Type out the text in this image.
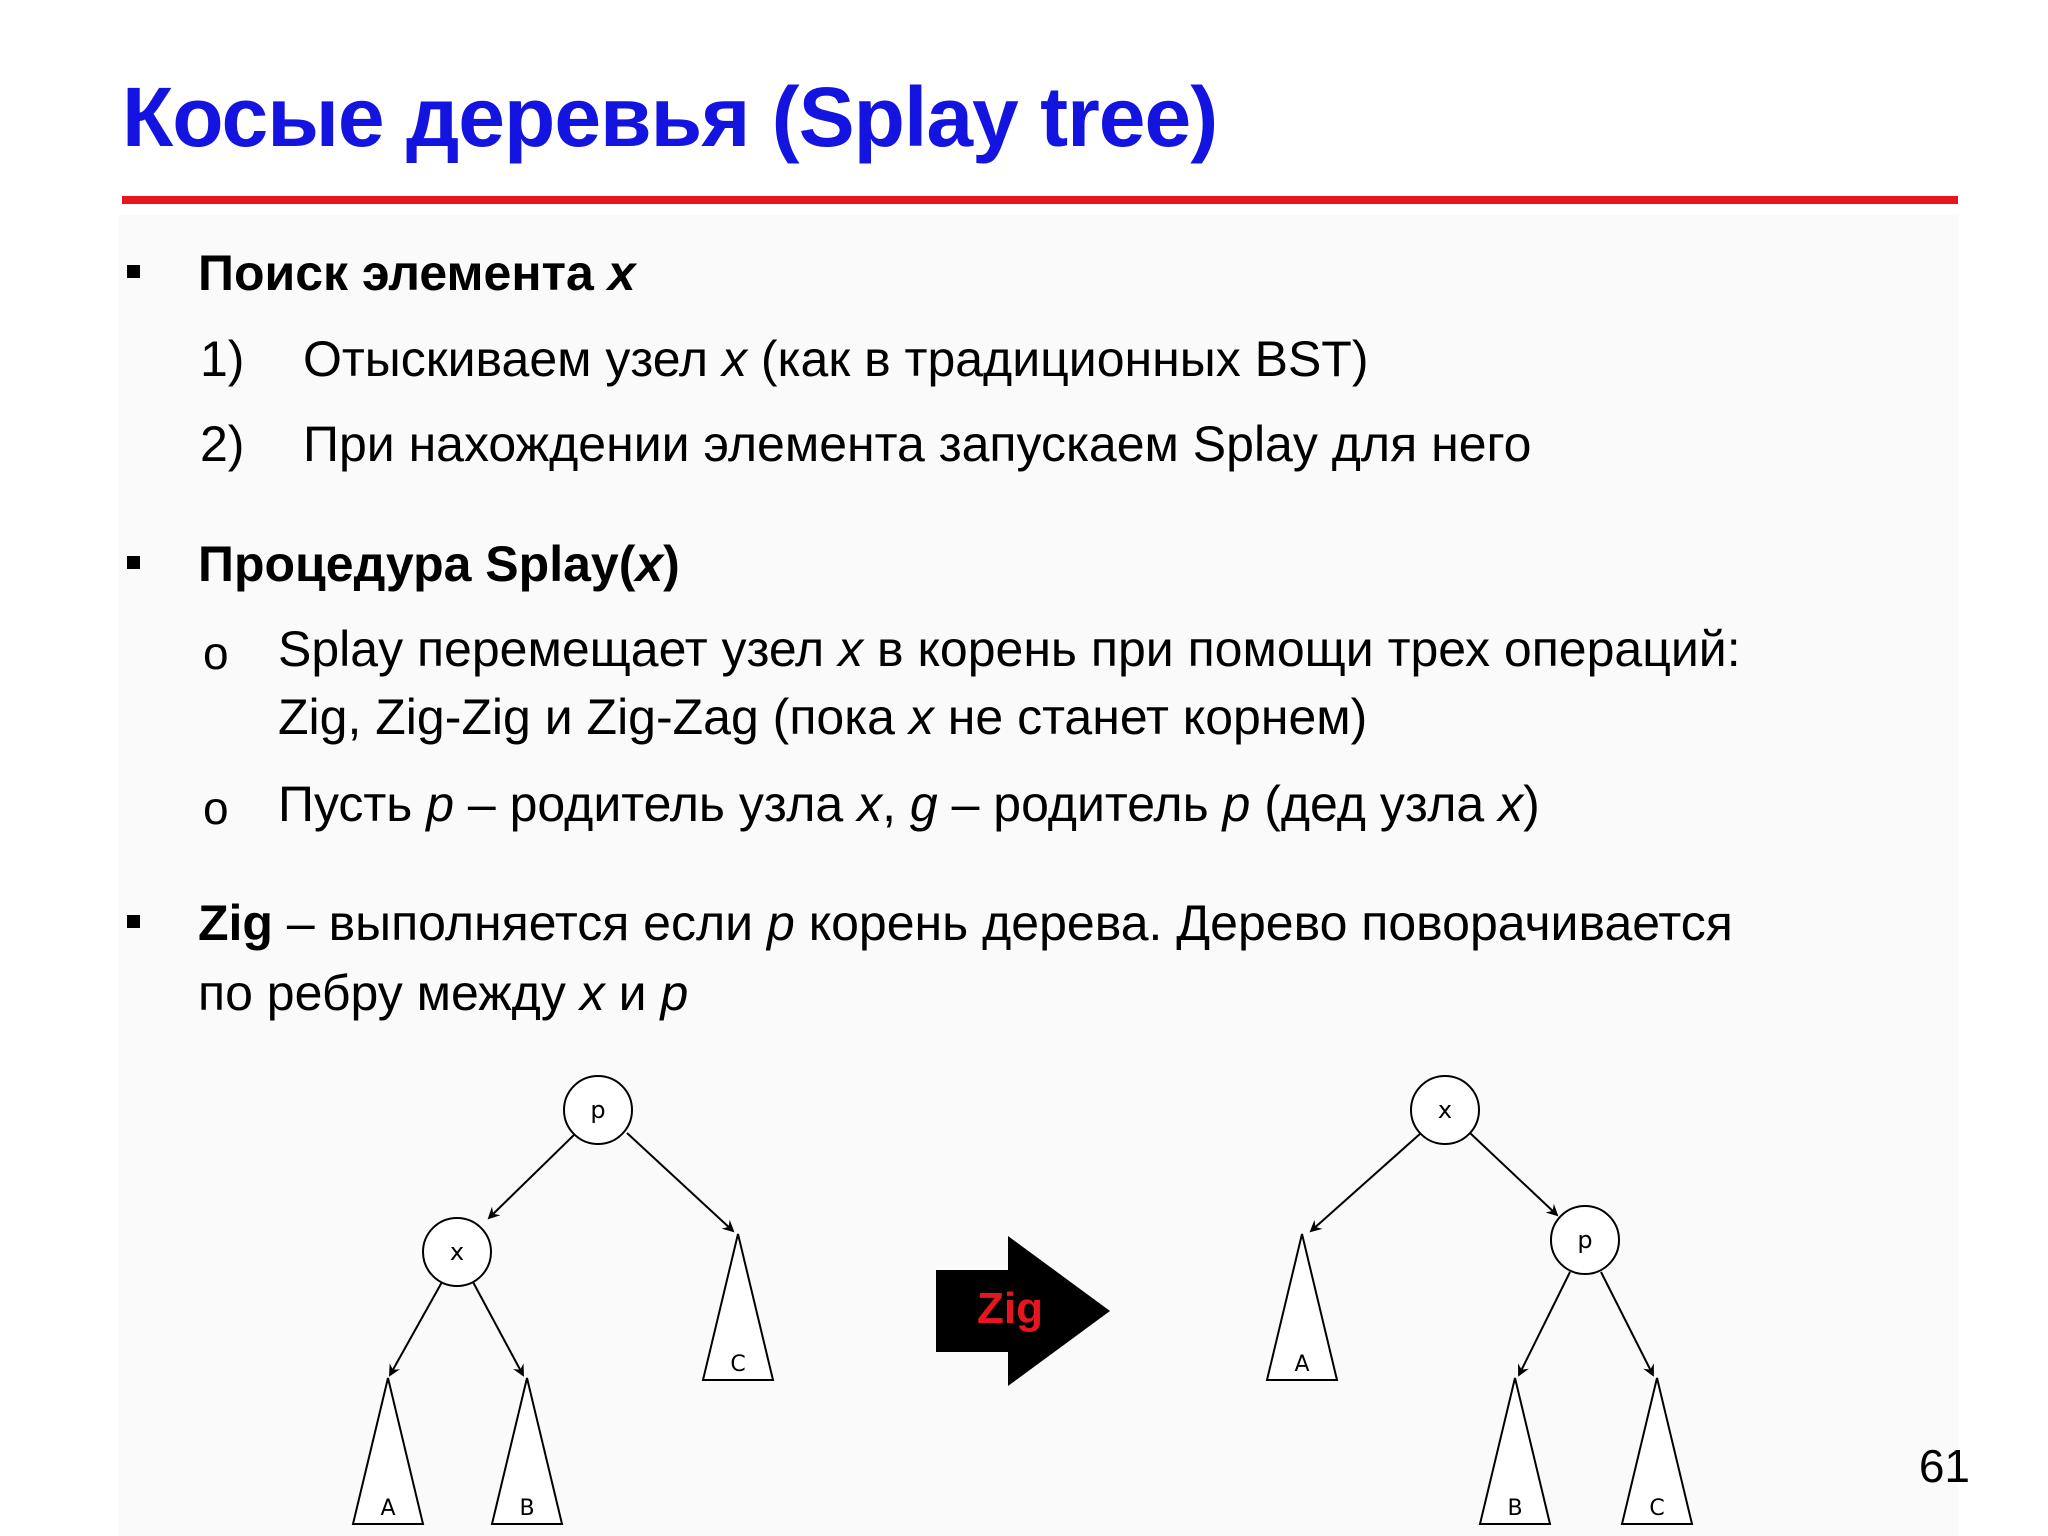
Косые деревья (Splay tree)
Поиск элемента x
1) Отыскиваем узел x (как в традиционных BST)
2) При нахождении элемента запускаем Splay для него
Процедура Splay(x)
o Splay перемещает узел x в корень при помощи трех операций:
Zig, Zig-Zig и Zig-Zag (пока x не станет корнем)
o Пусть p – родитель узла x, g – родитель p (дед узла x)
Zig – выполняется если p корень дерева. Дерево поворачивается
по ребру между x и p
p
x
A	B
C
Zig
x
p
A
B	C
61
